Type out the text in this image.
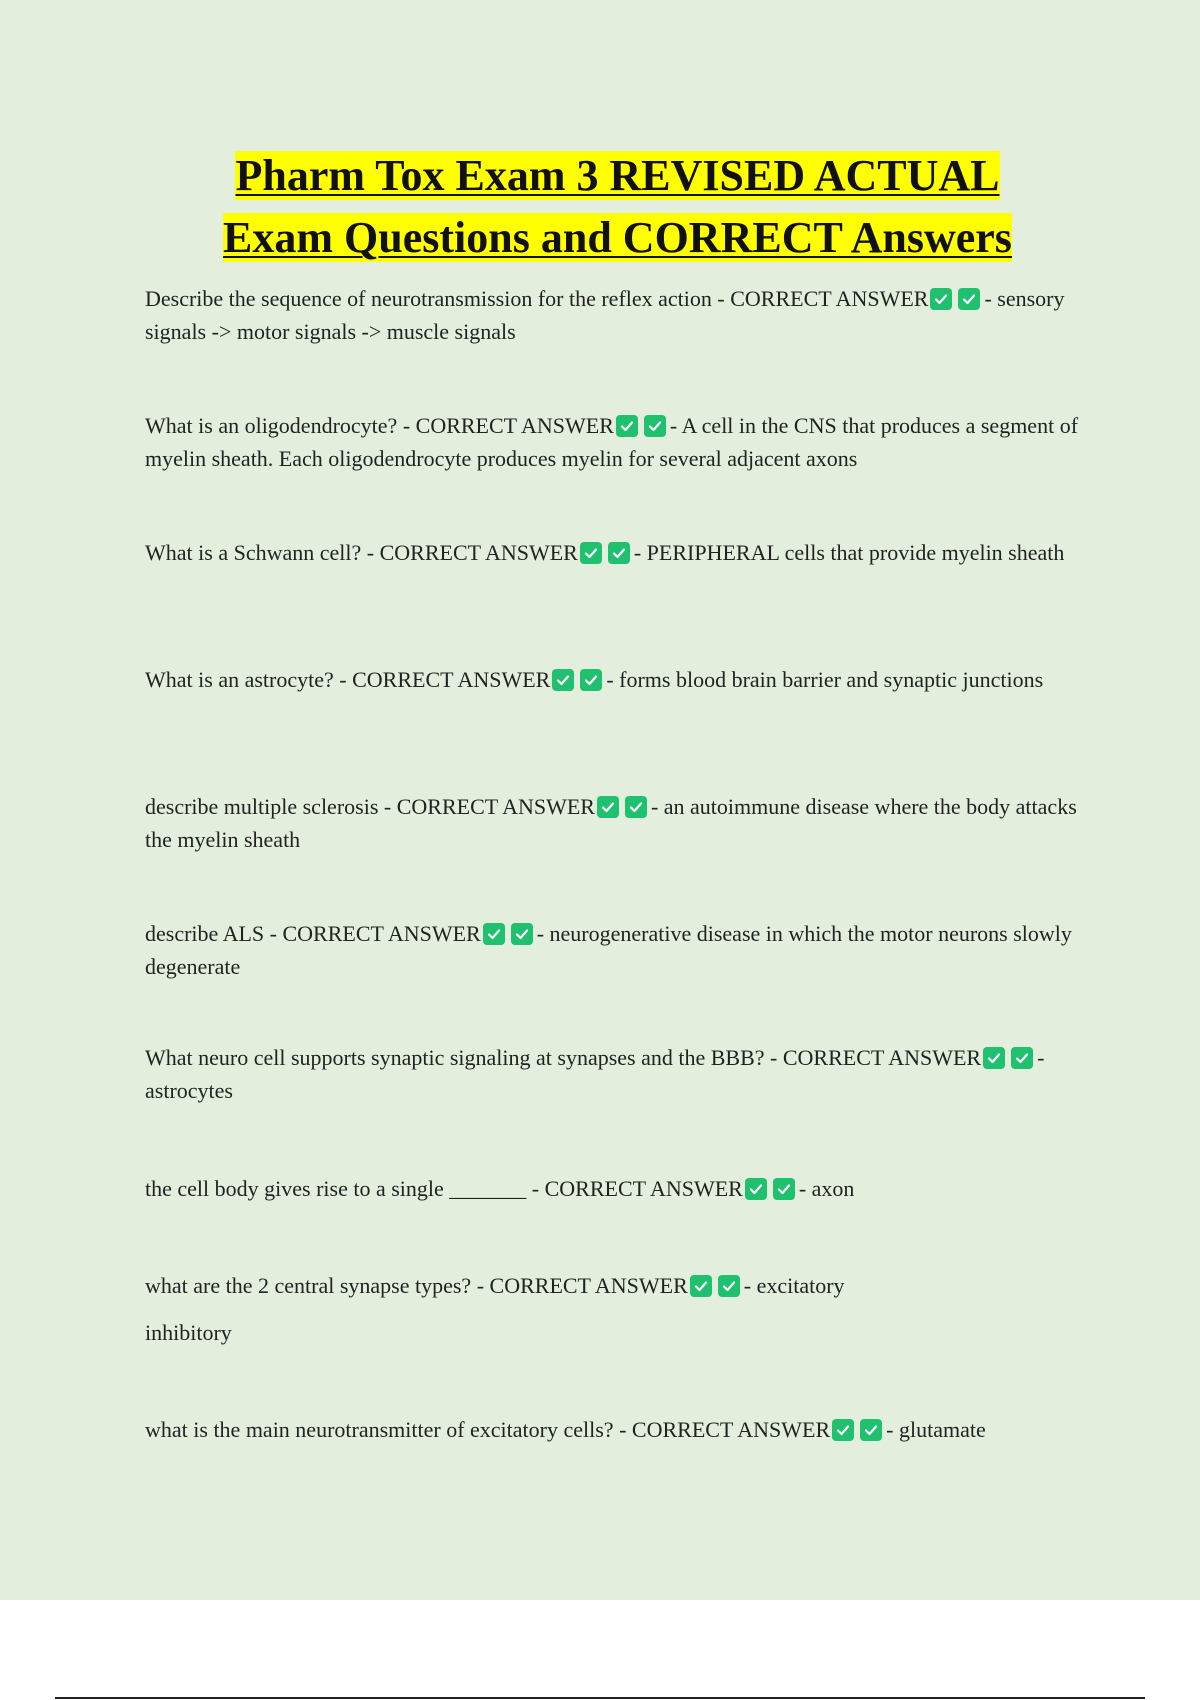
Pharm Tox Exam 3 REVISED ACTUAL
Exam Questions and CORRECT Answers
Describe the sequence of neurotransmission for the reflex action - CORRECT ANSWER	- sensory signals -> motor signals -> muscle signals
What is an oligodendrocyte? - CORRECT ANSWER	- A cell in the CNS that produces a segment of myelin sheath. Each oligodendrocyte produces myelin for several adjacent axons
What is a Schwann cell? - CORRECT ANSWER	- PERIPHERAL cells that provide myelin sheath
What is an astrocyte? - CORRECT ANSWER	- forms blood brain barrier and synaptic junctions
describe multiple sclerosis - CORRECT ANSWER	- an autoimmune disease where the body attacks the myelin sheath
describe ALS - CORRECT ANSWER	- neurogenerative disease in which the motor neurons slowly degenerate
What neuro cell supports synaptic signaling at synapses and the BBB? - CORRECT ANSWER	- astrocytes
the cell body gives rise to a single _______ - CORRECT ANSWER	- axon
what are the 2 central synapse types? - CORRECT ANSWER	- excitatory
inhibitory
what is the main neurotransmitter of excitatory cells? - CORRECT ANSWER	- glutamate
